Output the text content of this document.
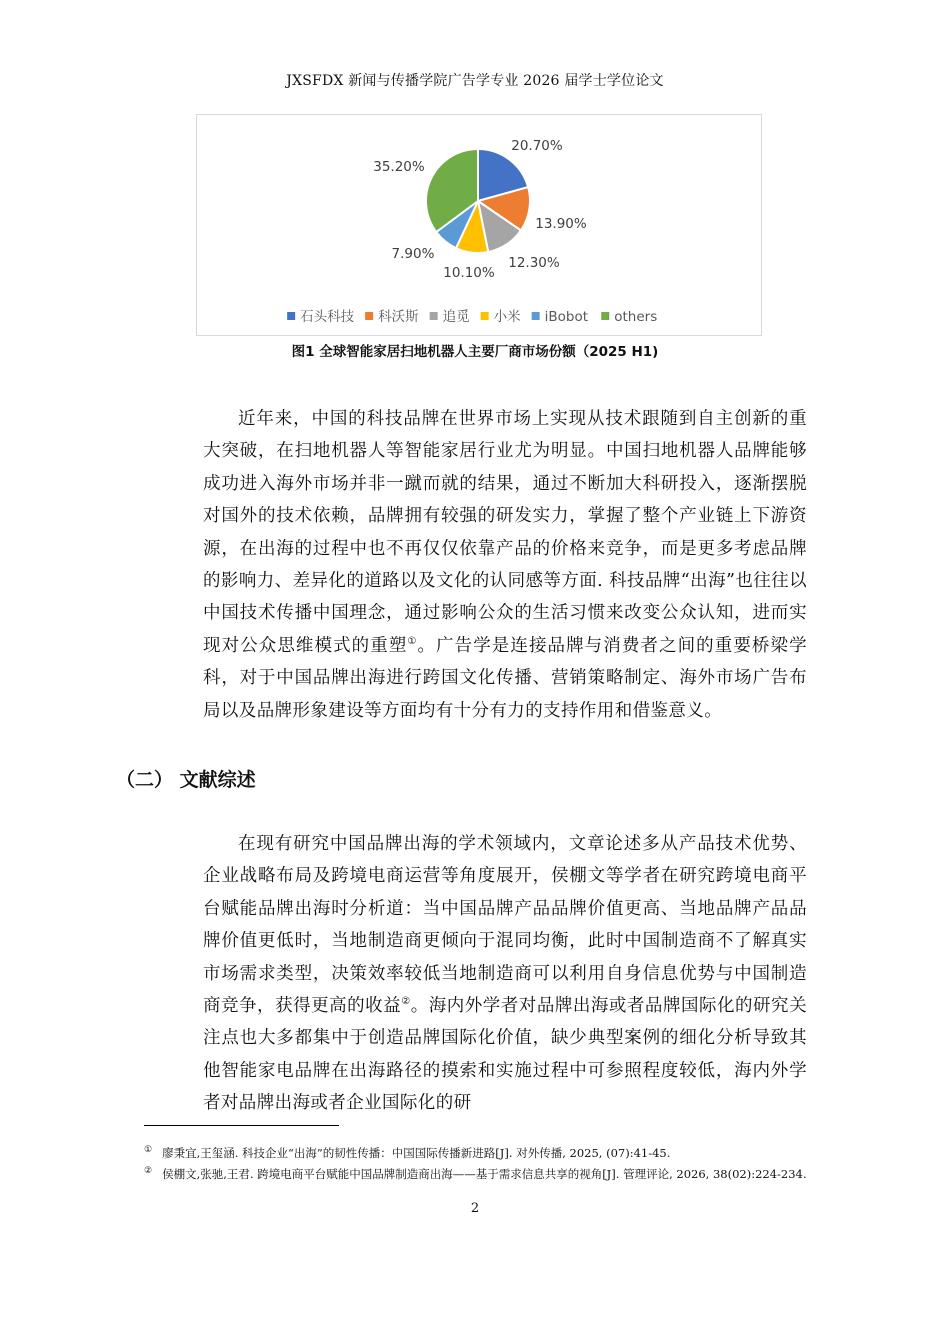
JXSFDX 新闻与传播学院广告学专业 2026 届学士学位论文
20.70%
13.90%
12.30%
10.10%
7.90%
35.20%
石头科技 科沃斯 追觅 小米 iBobot others
图1 全球智能家居扫地机器人主要厂商市场份额（2025 H1)

近年来，中国的科技品牌在世界市场上实现从技术跟随到自主创新的重大突破，在扫地机器人等智能家居行业尤为明显。中国扫地机器人品牌能够成功进入海外市场并非一蹴而就的结果，通过不断加大科研投入，逐渐摆脱对国外的技术依赖，品牌拥有较强的研发实力，掌握了整个产业链上下游资源，在出海的过程中也不再仅仅依靠产品的价格来竞争，而是更多考虑品牌的影响力、差异化的道路以及文化的认同感等方面. 科技品牌“出海”也往往以中国技术传播中国理念，通过影响公众的生活习惯来改变公众认知，进而实现对公众思维模式的重塑①。广告学是连接品牌与消费者之间的重要桥梁学科，对于中国品牌出海进行跨国文化传播、营销策略制定、海外市场广告布局以及品牌形象建设等方面均有十分有力的支持作用和借鉴意义。

（二） 文献综述

在现有研究中国品牌出海的学术领域内，文章论述多从产品技术优势、企业战略布局及跨境电商运营等角度展开，侯棚文等学者在研究跨境电商平台赋能品牌出海时分析道：当中国品牌产品品牌价值更高、当地品牌产品品牌价值更低时，当地制造商更倾向于混同均衡，此时中国制造商不了解真实市场需求类型，决策效率较低当地制造商可以利用自身信息优势与中国制造商竞争，获得更高的收益②。海内外学者对品牌出海或者品牌国际化的研究关注点也大多都集中于创造品牌国际化价值，缺少典型案例的细化分析导致其他智能家电品牌在出海路径的摸索和实施过程中可参照程度较低，海内外学者对品牌出海或者企业国际化的研

① 廖秉宜,王玺涵. 科技企业“出海”的韧性传播：中国国际传播新进路[J]. 对外传播, 2025, (07):41-45.

② 侯棚文,张驰,王君. 跨境电商平台赋能中国品牌制造商出海——基于需求信息共享的视角[J]. 管理评论, 2026, 38(02):224-234.

2
